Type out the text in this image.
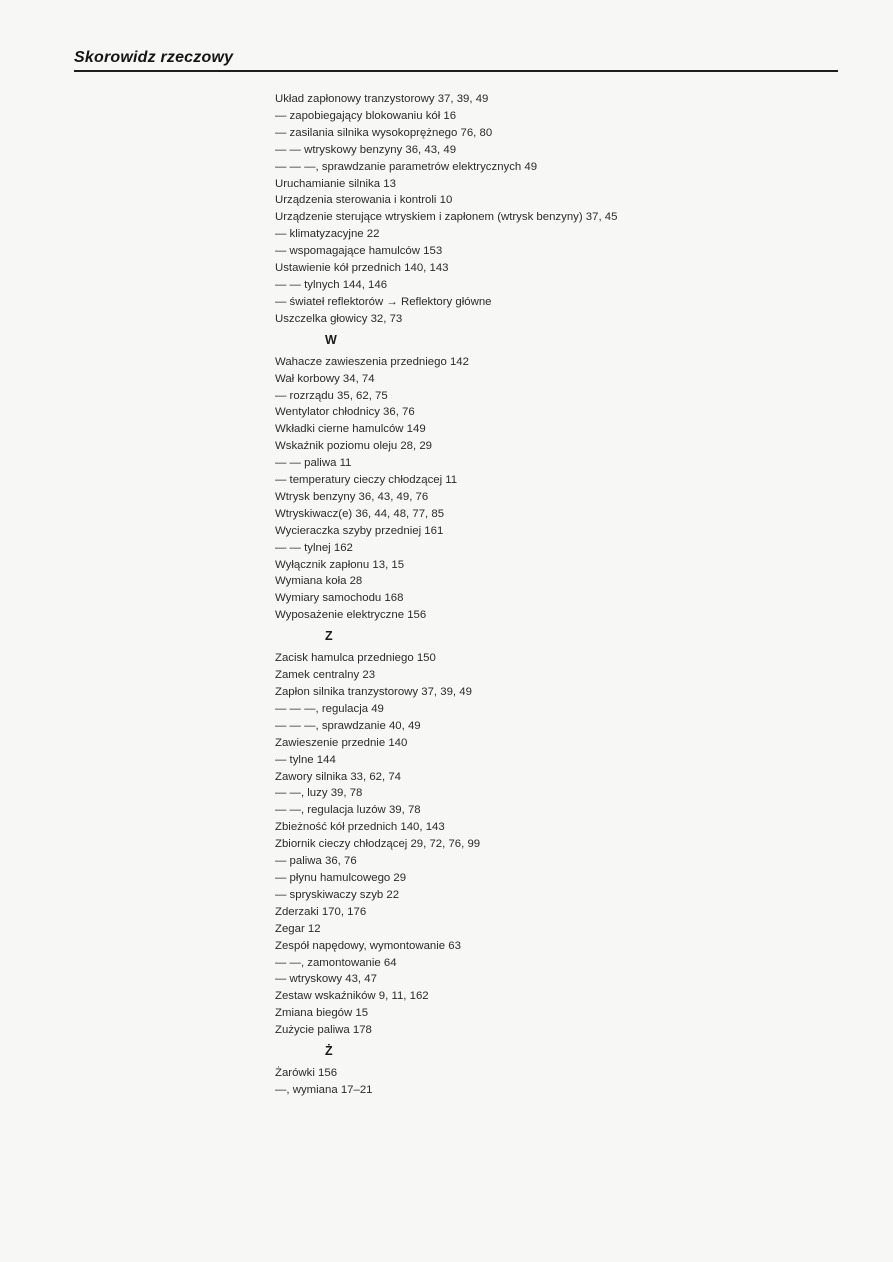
Skorowidz rzeczowy
Układ zapłonowy tranzystorowy 37, 39, 49
— zapobiegający blokowaniu kół 16
— zasilania silnika wysokoprężnego 76, 80
— — wtryskowy benzyny 36, 43, 49
— — —, sprawdzanie parametrów elektrycznych 49
Uruchamianie silnika 13
Urządzenia sterowania i kontroli 10
Urządzenie sterujące wtryskiem i zapłonem (wtrysk benzyny) 37, 45
— klimatyzacyjne 22
— wspomagające hamulców 153
Ustawienie kół przednich 140, 143
— — tylnych 144, 146
— świateł reflektorów → Reflektory główne
Uszczelka głowicy 32, 73
W
Wahacze zawieszenia przedniego 142
Wał korbowy 34, 74
— rozrządu 35, 62, 75
Wentylator chłodnicy 36, 76
Wkładki cierne hamulców 149
Wskaźnik poziomu oleju 28, 29
— — paliwa 11
— temperatury cieczy chłodzącej 11
Wtrysk benzyny 36, 43, 49, 76
Wtryskiwacz(e) 36, 44, 48, 77, 85
Wycieraczka szyby przedniej 161
— — tylnej 162
Wyłącznik zapłonu 13, 15
Wymiana koła 28
Wymiary samochodu 168
Wyposażenie elektryczne 156
Z
Zacisk hamulca przedniego 150
Zamek centralny 23
Zapłon silnika tranzystorowy 37, 39, 49
— — —, regulacja 49
— — —, sprawdzanie 40, 49
Zawieszenie przednie 140
— tylne 144
Zawory silnika 33, 62, 74
— —, luzy 39, 78
— —, regulacja luzów 39, 78
Zbieżność kół przednich 140, 143
Zbiornik cieczy chłodzącej 29, 72, 76, 99
— paliwa 36, 76
— płynu hamulcowego 29
— spryskiwaczy szyb 22
Zderzaki 170, 176
Zegar 12
Zespół napędowy, wymontowanie 63
— —, zamontowanie 64
— wtryskowy 43, 47
Zestaw wskaźników 9, 11, 162
Zmiana biegów 15
Zużycie paliwa 178
Ż
Żarówki 156
—, wymiana 17–21
